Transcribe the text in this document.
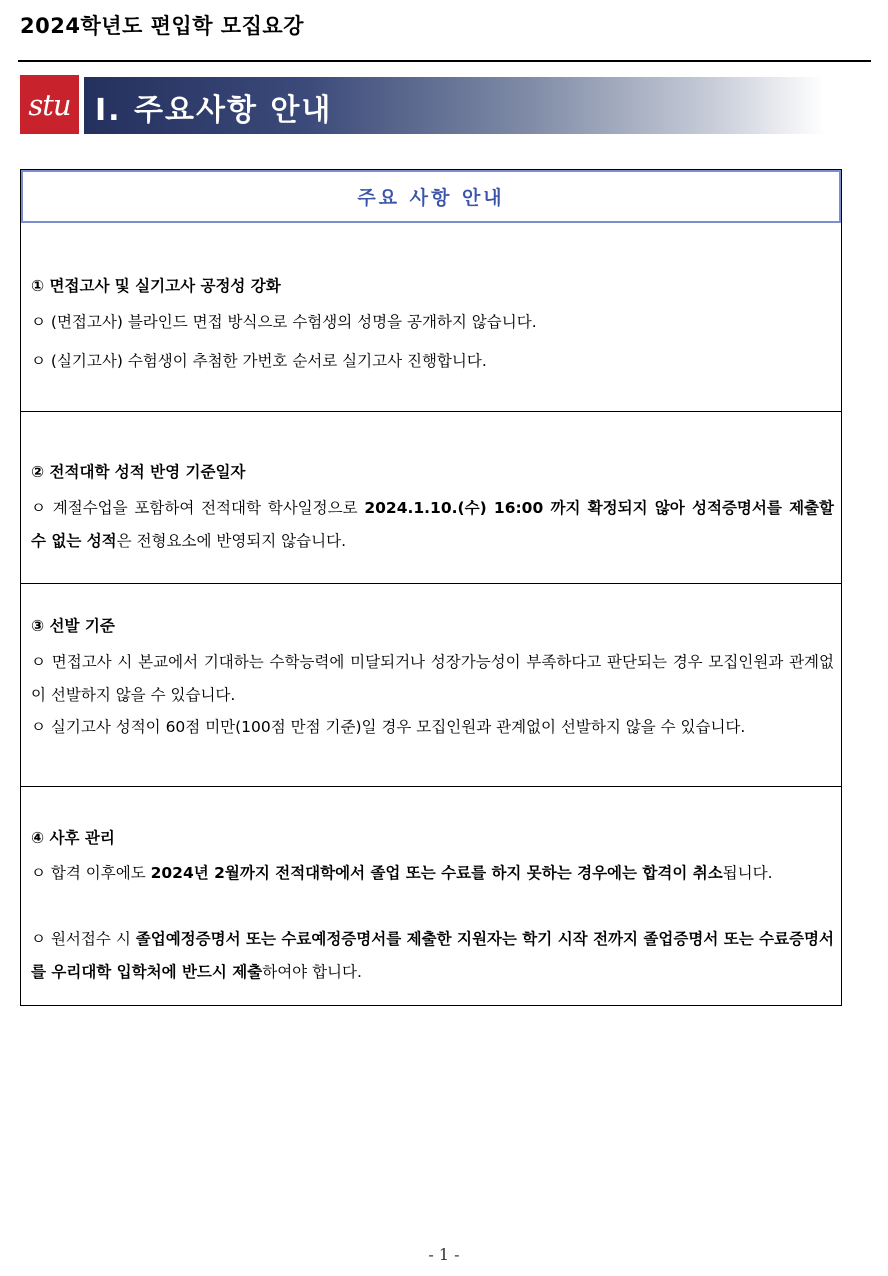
2024학년도 편입학 모집요강
stu Ⅰ. 주요사항 안내
주요 사항 안내
① 면접고사 및 실기고사 공정성 강화
ㅇ (면접고사) 블라인드 면접 방식으로 수험생의 성명을 공개하지 않습니다.
ㅇ (실기고사) 수험생이 추첨한 가번호 순서로 실기고사 진행합니다.
② 전적대학 성적 반영 기준일자
ㅇ 계절수업을 포함하여 전적대학 학사일정으로 2024.1.10.(수) 16:00 까지 확정되지 않아 성적증명서를 제출할 수 없는 성적은 전형요소에 반영되지 않습니다.
③ 선발 기준
ㅇ 면접고사 시 본교에서 기대하는 수학능력에 미달되거나 성장가능성이 부족하다고 판단되는 경우 모집인원과 관계없이 선발하지 않을 수 있습니다.
ㅇ 실기고사 성적이 60점 미만(100점 만점 기준)일 경우 모집인원과 관계없이 선발하지 않을 수 있습니다.
④ 사후 관리
ㅇ 합격 이후에도 2024년 2월까지 전적대학에서 졸업 또는 수료를 하지 못하는 경우에는 합격이 취소됩니다.
ㅇ 원서접수 시 졸업예정증명서 또는 수료예정증명서를 제출한 지원자는 학기 시작 전까지 졸업증명서 또는 수료증명서를 우리대학 입학처에 반드시 제출하여야 합니다.
- 1 -
